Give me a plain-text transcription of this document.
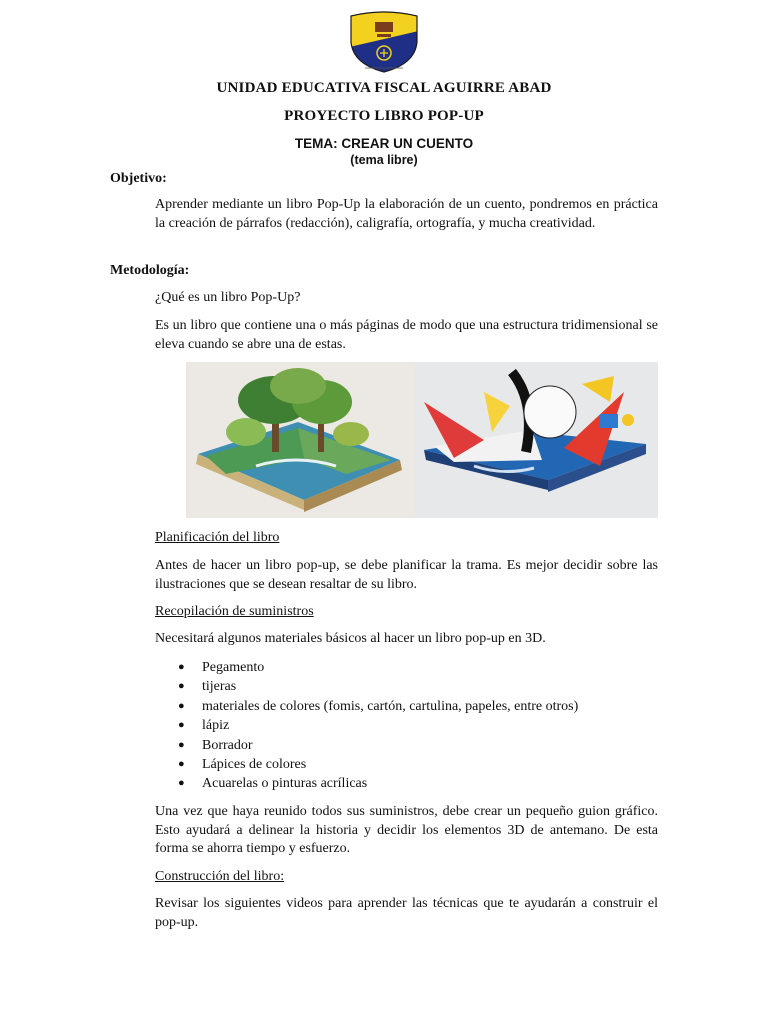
UNIDAD EDUCATIVA FISCAL AGUIRRE ABAD
PROYECTO LIBRO POP-UP
TEMA: CREAR UN CUENTO
(tema libre)
Objetivo:

Aprender mediante un libro Pop-Up la elaboración de un cuento, pondremos en práctica la creación de párrafos (redacción), caligrafía, ortografía, y mucha creatividad.

Metodología:
¿Qué es un libro Pop-Up?

Es un libro que contiene una o más páginas de modo que una estructura tridimensional se eleva cuando se abre una de estas.

Planificación del libro

Antes de hacer un libro pop-up, se debe planificar la trama. Es mejor decidir sobre las ilustraciones que se desean resaltar de su libro.

Recopilación de suministros
Necesitará algunos materiales básicos al hacer un libro pop-up en 3D.
● Pegamento
● tijeras
● materiales de colores (fomis, cartón, cartulina, papeles, entre otros)
● lápiz
● Borrador
● Lápices de colores
● Acuarelas o pinturas acrílicas

Una vez que haya reunido todos sus suministros, debe crear un pequeño guion gráfico. Esto ayudará a delinear la historia y decidir los elementos 3D de antemano. De esta forma se ahorra tiempo y esfuerzo.

Construcción del libro:

Revisar los siguientes videos para aprender las técnicas que te ayudarán a construir el pop-up.
